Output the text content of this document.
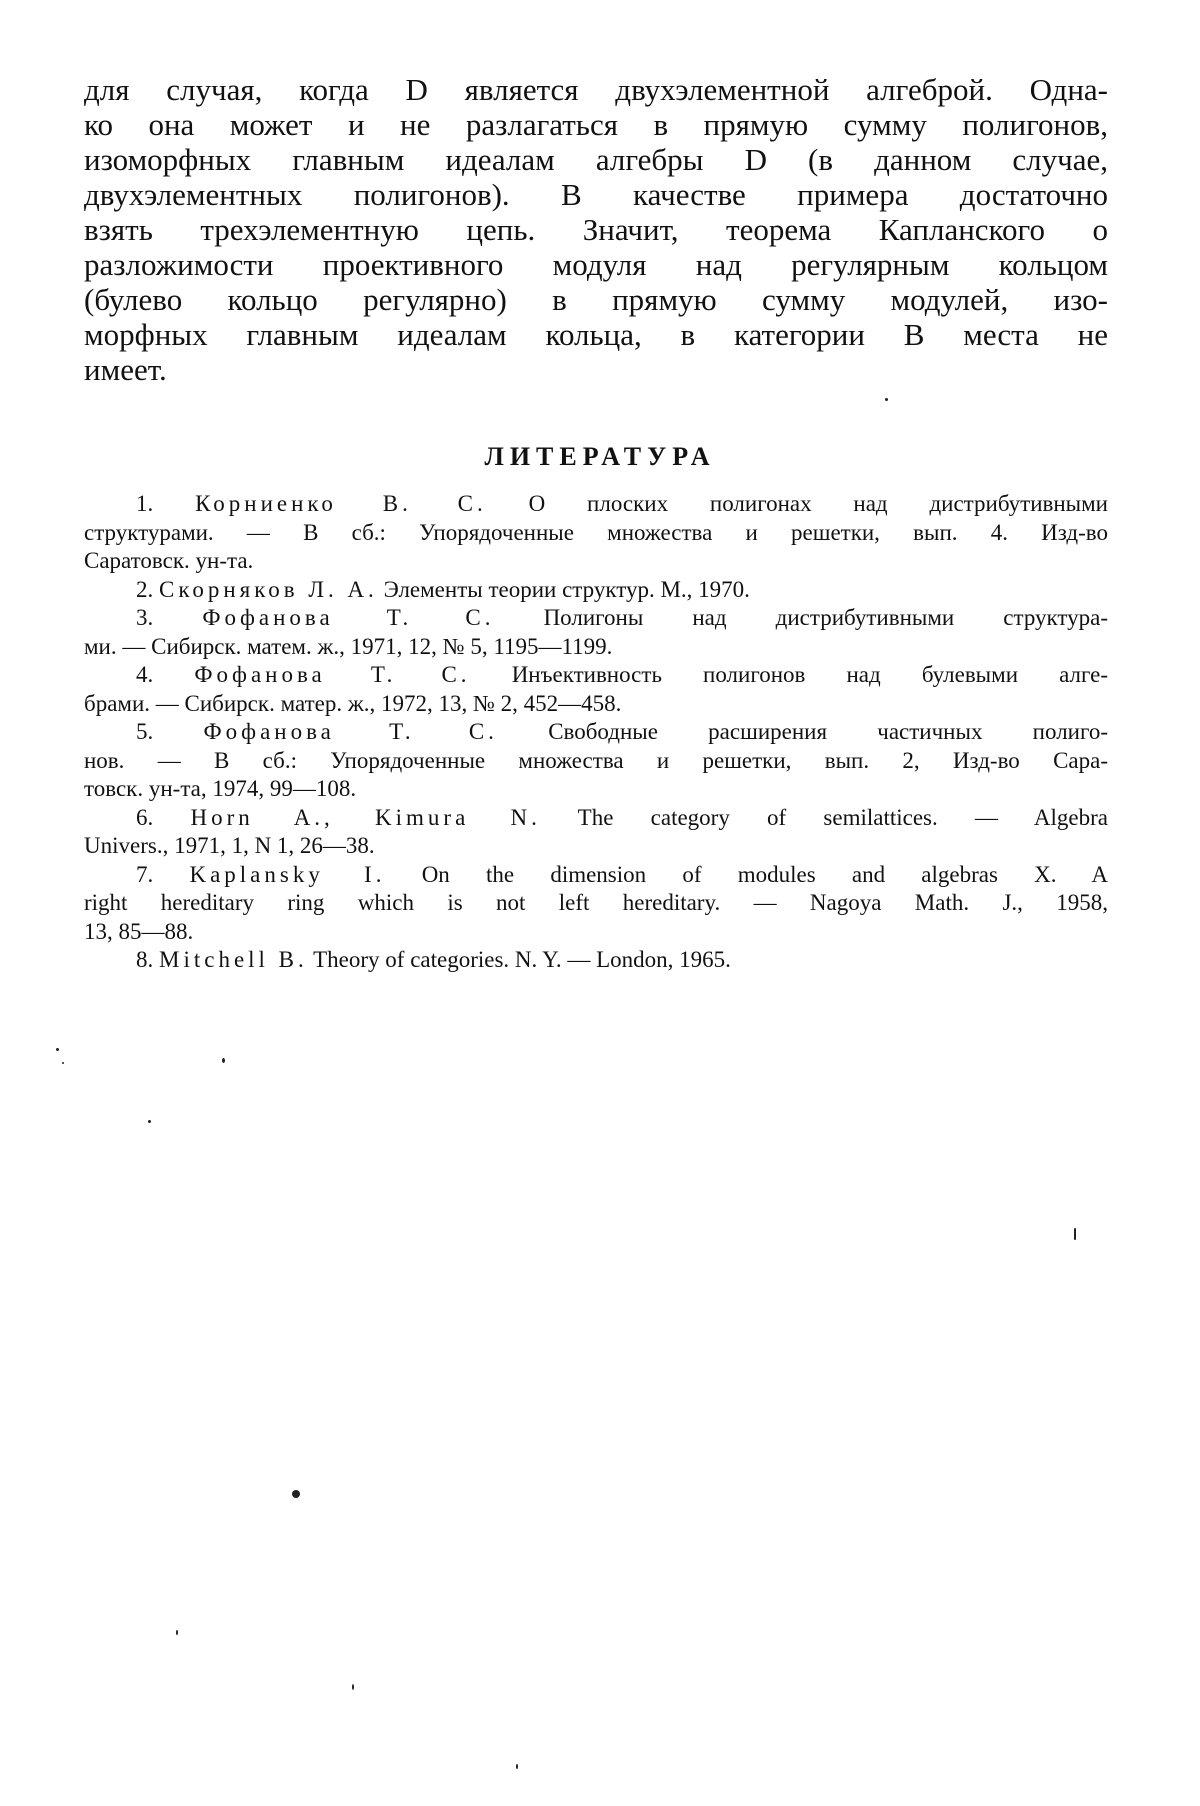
для случая, когда D является двухэлементной алгеброй. Одна-
ко она может и не разлагаться в прямую сумму полигонов,
изоморфных главным идеалам алгебры D (в данном случае,
двухэлементных полигонов). В качестве примера достаточно
взять трехэлементную цепь. Значит, теорема Капланского о
разложимости проективного модуля над регулярным кольцом
(булево кольцо регулярно) в прямую сумму модулей, изо-
морфных главным идеалам кольца, в категории B места не
имеет.
ЛИТЕРАТУРА

1. Корниенко В. С. О плоских полигонах над дистрибутивными
структурами. — В сб.: Упорядоченные множества и решетки, вып. 4. Изд-во
Саратовск. ун-та.

2. Скорняков Л. А. Элементы теории структур. М., 1970.

3. Фофанова Т. С. Полигоны над дистрибутивными структура-
ми. — Сибирск. матем. ж., 1971, 12, № 5, 1195—1199.

4. Фофанова Т. С. Инъективность полигонов над булевыми алге-
брами. — Сибирск. матер. ж., 1972, 13, № 2, 452—458.

5. Фофанова Т. С. Свободные расширения частичных полиго-
нов. — В сб.: Упорядоченные множества и решетки, вып. 2, Изд-во Сара-
товск. ун-та, 1974, 99—108.

6. Horn A., Kimura N. The category of semilattices. — Algebra
Univers., 1971, 1, N 1, 26—38.

7. Kaplansky I. On the dimension of modules and algebras X. A
right hereditary ring which is not left hereditary. — Nagoya Math. J., 1958,
13, 85—88.

8. Mitchell B. Theory of categories. N. Y. — London, 1965.
